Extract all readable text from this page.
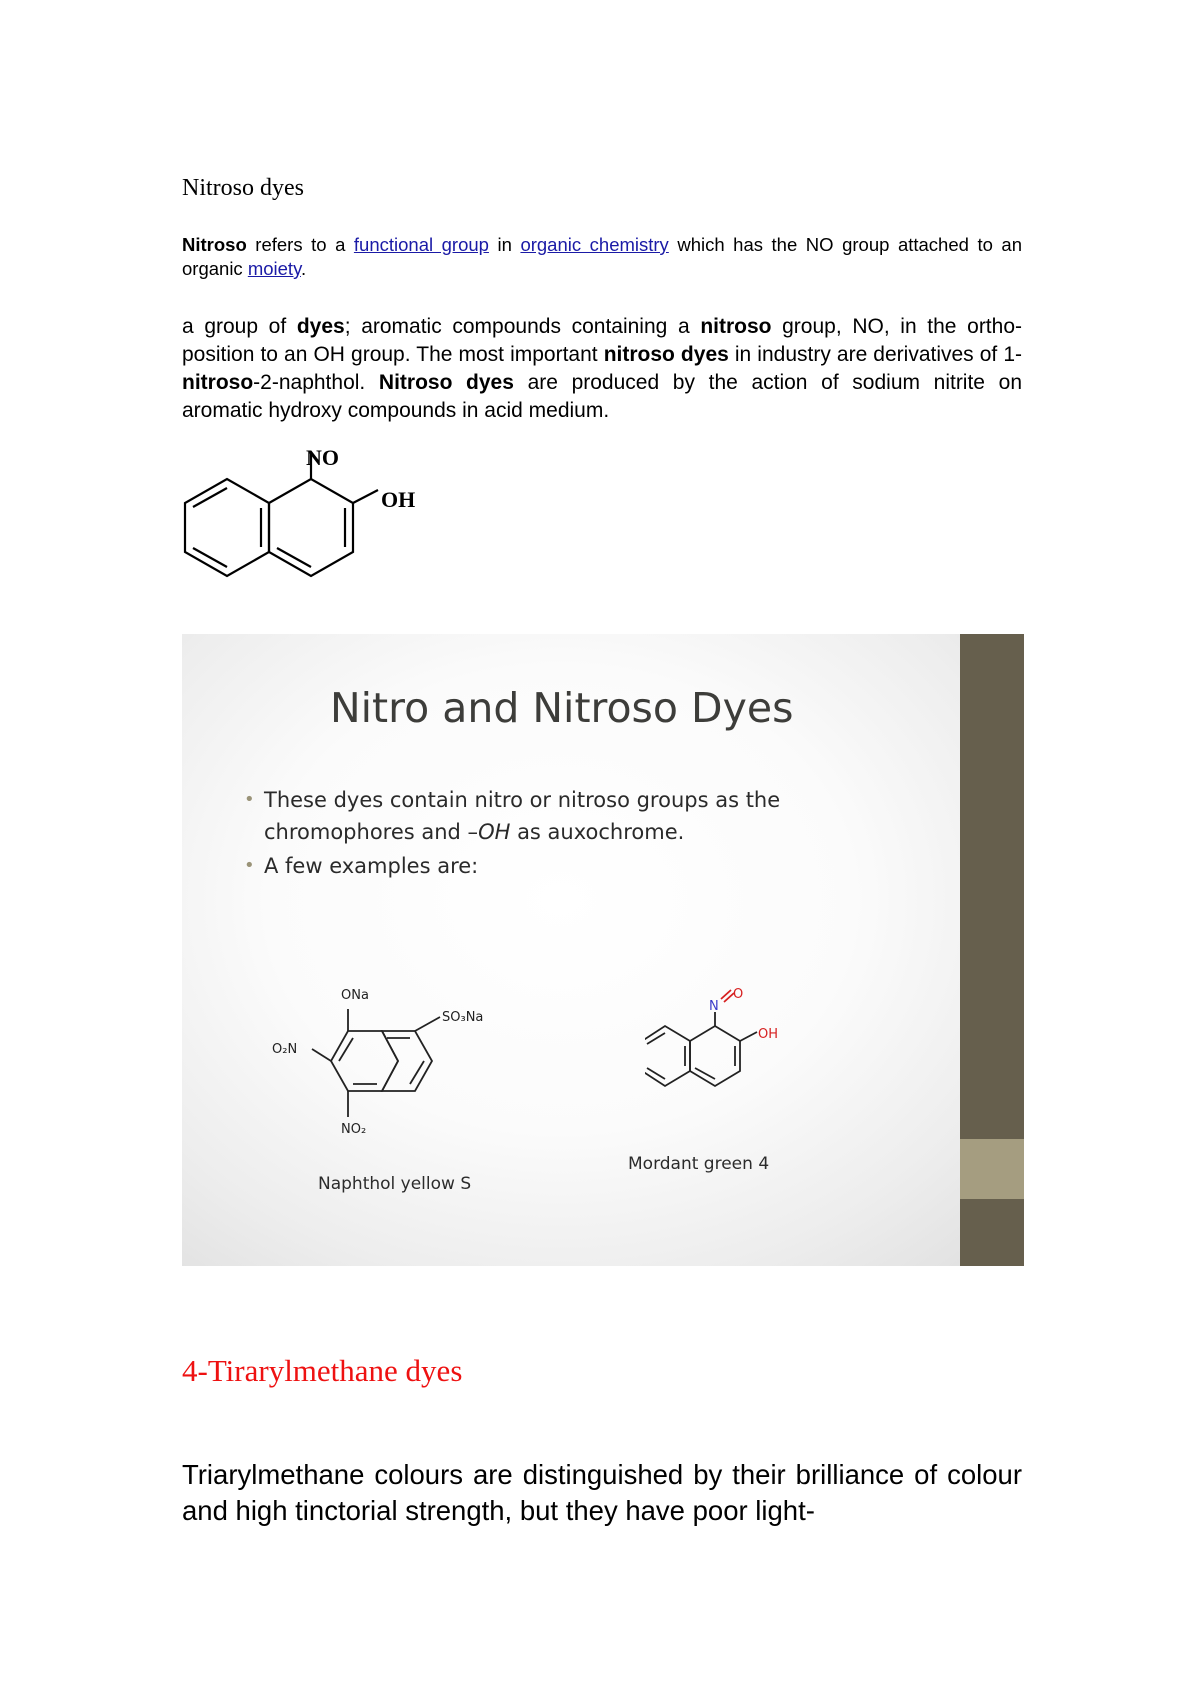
Nitroso dyes

Nitroso refers to a functional group in organic chemistry which has the NO group attached to an organic moiety.

a group of dyes; aromatic compounds containing a nitroso group, NO, in the ortho- position to an OH group. The most important nitroso dyes in industry are derivatives of 1-nitroso-2-naphthol. Nitroso dyes are produced by the action of sodium nitrite on aromatic hydroxy compounds in acid medium.

NO
OH
Nitro and Nitroso Dyes
• These dyes contain nitro or nitroso groups as the chromophores and –OH as auxochrome.
• A few examples are:
ONa
O₂N
SO₃Na
NO₂
N
O
OH
Naphthol yellow S
Mordant green 4
4-Tirarylmethane dyes

Triarylmethane colours are distinguished by their brilliance of colour and high tinctorial strength, but they have poor light-
